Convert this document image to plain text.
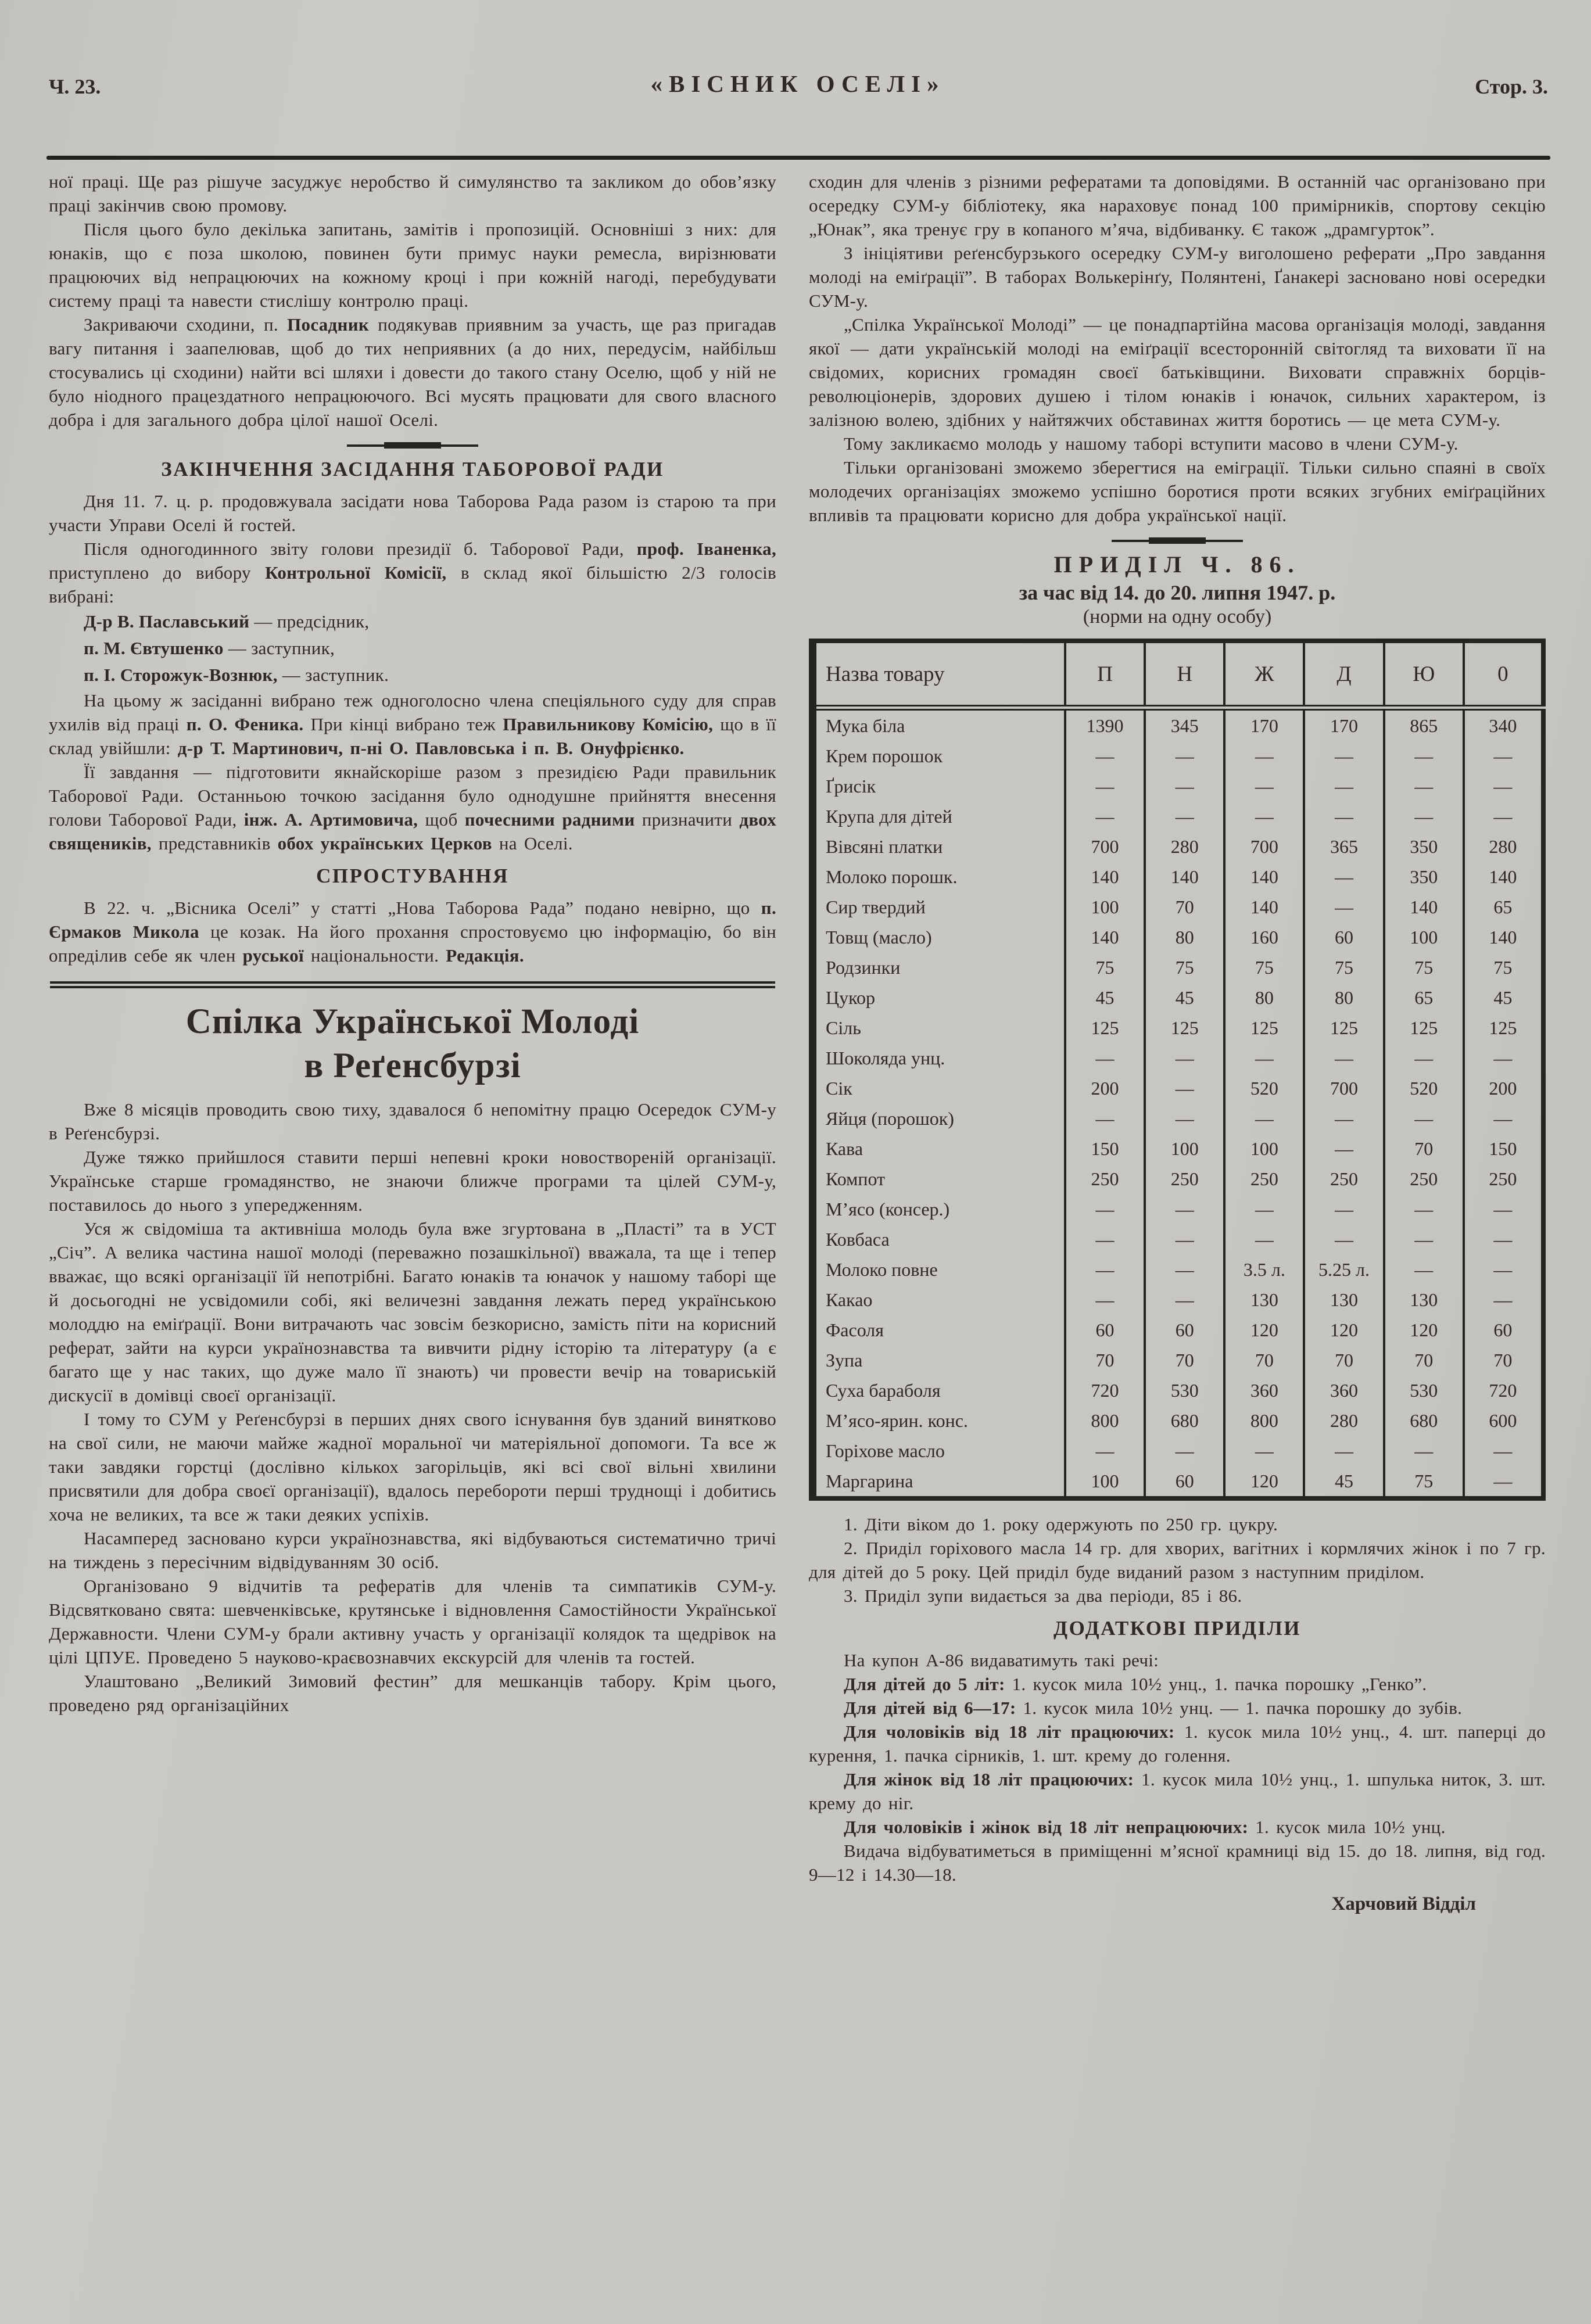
Ч. 23.	«ВІСНИК ОСЕЛІ»	Стор. 3.

ної праці. Ще раз рішуче засуджує неробство й симулянство та закликом до обов’язку праці закінчив свою промову.

Після цього було декілька запитань, замітів і пропозицій. Основніші з них: для юнаків, що є поза школою, повинен бути примус науки ремесла, вирізнювати працюючих від непрацюючих на кожному кроці і при кожній нагоді, перебудувати систему праці та навести стислішу контролю праці.

Закриваючи сходини, п. Посадник подякував приявним за участь, ще раз пригадав вагу питання і заапелював, щоб до тих неприявних (а до них, передусім, найбільш стосувались ці сходини) найти всі шляхи і довести до такого стану Оселю, щоб у ній не було ніодного працездатного непрацюючого. Всі мусять працювати для свого власного добра і для загального добра цілої нашої Оселі.

ЗАКІНЧЕННЯ ЗАСІДАННЯ ТАБОРОВОЇ РАДИ

Дня 11. 7. ц. р. продовжувала засідати нова Таборова Рада разом із старою та при участи Управи Оселі й гостей.

Після одногодинного звіту голови президії б. Таборової Ради, проф. Іваненка, приступлено до вибору Контрольної Комісії, в склад якої більшістю 2/3 голосів вибрані:

Д-р В. Паславський — предсідник,

п. М. Євтушенко — заступник,

п. І. Сторожук-Вознюк, — заступник.

На цьому ж засіданні вибрано теж одноголосно члена спеціяльного суду для справ ухилів від праці п. О. Феника. При кінці вибрано теж Правильникову Комісію, що в її склад увійшли: д-р Т. Мартинович, п-ні О. Павловська і п. В. Онуфрієнко.

Її завдання — підготовити якнайскоріше разом з президією Ради правильник Таборової Ради. Останньою точкою засідання було однодушне прийняття внесення голови Таборової Ради, інж. А. Артимовича, щоб почесними радними призначити двох священиків, представників обох українських Церков на Оселі.

СПРОСТУВАННЯ

В 22. ч. „Вісника Оселі” у статті „Нова Таборова Рада” подано невірно, що п. Єрмаков Микола це козак. На його прохання спростовуємо цю інформацію, бо він опреділив себе як член руської національности. Редакція.

Спілка Української Молоді
в Реґенсбурзі

Вже 8 місяців проводить свою тиху, здавалося б непомітну працю Осередок СУМ-у в Реґенсбурзі.

Дуже тяжко прийшлося ставити перші непевні кроки новоствореній організації. Українське старше громадянство, не знаючи ближче програми та цілей СУМ-у, поставилось до нього з упередженням.

Уся ж свідоміша та активніша молодь була вже згуртована в „Пласті” та в УСТ „Січ”. А велика частина нашої молоді (переважно позашкільної) вважала, та ще і тепер вважає, що всякі організації їй непотрібні. Багато юнаків та юначок у нашому таборі ще й досьогодні не усвідомили собі, які величезні завдання лежать перед українською молоддю на еміґрації. Вони витрачають час зовсім безкорисно, замість піти на корисний реферат, зайти на курси українознавства та вивчити рідну історію та літературу (а є багато ще у нас таких, що дуже мало її знають) чи провести вечір на товариській дискусії в домівці своєї організації.

І тому то СУМ у Реґенсбурзі в перших днях свого існування був зданий винятково на свої сили, не маючи майже жадної моральної чи матеріяльної допомоги. Та все ж таки завдяки горстці (дослівно кількох загорільців, які всі свої вільні хвилини присвятили для добра своєї організації), вдалось перебороти перші труднощі і добитись хоча не великих, та все ж таки деяких успіхів.

Насамперед засновано курси українознавства, які відбуваються систематично тричі на тиждень з пересічним відвідуванням 30 осіб.

Організовано 9 відчитів та рефератів для членів та симпатиків СУМ-у. Відсвятковано свята: шевченківське, крутянське і відновлення Самостійности Української Державности. Члени СУМ-у брали активну участь у організації колядок та щедрівок на цілі ЦПУЕ. Проведено 5 науково-краєвознавчих екскурсій для членів та гостей.

Улаштовано „Великий Зимовий фестин” для мешканців табору. Крім цього, проведено ряд організаційних

сходин для членів з різними рефератами та доповідями. В останній час організовано при осередку СУМ-у бібліотеку, яка нараховує понад 100 примірників, спортову секцію „Юнак”, яка тренує гру в копаного м’яча, відбиванку. Є також „драмгурток”.

З ініціятиви реґенсбурзького осередку СУМ-у виголошено реферати „Про завдання молоді на еміґрації”. В таборах Волькерінґу, Полянтені, Ґанакері засновано нові осередки СУМ-у.

„Спілка Української Молоді” — це понадпартійна масова організація молоді, завдання якої — дати українській молоді на еміґрації всесторонній світогляд та виховати її на свідомих, корисних громадян своєї батьківщини. Виховати справжніх борців-революціонерів, здорових душею і тілом юнаків і юначок, сильних характером, із залізною волею, здібних у найтяжчих обставинах життя боротись — це мета СУМ-у.

Тому закликаємо молодь у нашому таборі вступити масово в члени СУМ-у.

Тільки організовані зможемо зберегтися на еміграції. Тільки сильно спаяні в своїх молодечих організаціях зможемо успішно боротися проти всяких згубних еміґраційних впливів та працювати корисно для добра української нації.

ПРИДІЛ Ч. 86.
за час від 14. до 20. липня 1947. р.
(норми на одну особу)
Назва товару	П	Н	Ж	Д	Ю	0
Мука біла	1390	345	170	170	865	340
Крем порошок	—	—	—	—	—	—
Ґрисік	—	—	—	—	—	—
Крупа для дітей	—	—	—	—	—	—
Вівсяні платки	700	280	700	365	350	280
Молоко порошк.	140	140	140	—	350	140
Сир твердий	100	70	140	—	140	65
Товщ (масло)	140	80	160	60	100	140
Родзинки	75	75	75	75	75	75
Цукор	45	45	80	80	65	45
Сіль	125	125	125	125	125	125
Шоколяда унц.	—	—	—	—	—	—
Сік	200	—	520	700	520	200
Яйця (порошок)	—	—	—	—	—	—
Кава	150	100	100	—	70	150
Компот	250	250	250	250	250	250
М’ясо (консер.)	—	—	—	—	—	—
Ковбаса	—	—	—	—	—	—
Молоко повне	—	—	3.5 л.	5.25 л.	—	—
Какао	—	—	130	130	130	—
Фасоля	60	60	120	120	120	60
Зупа	70	70	70	70	70	70
Суха бараболя	720	530	360	360	530	720
М’ясо-ярин. конс.	800	680	800	280	680	600
Горіхове масло	—	—	—	—	—	—
Маргарина	100	60	120	45	75	—

1. Діти віком до 1. року одержують по 250 гр. цукру.

2. Приділ горіхового масла 14 гр. для хворих, вагітних і кормлячих жінок і по 7 гр. для дітей до 5 року. Цей приділ буде виданий разом з наступним приділом.

3. Приділ зупи видається за два періоди, 85 і 86.

ДОДАТКОВІ ПРИДІЛИ

На купон А-86 видаватимуть такі речі:

Для дітей до 5 літ: 1. кусок мила 10½ унц., 1. пачка порошку „Генко”.

Для дітей від 6—17: 1. кусок мила 10½ унц. — 1. пачка порошку до зубів.

Для чоловіків від 18 літ працюючих: 1. кусок мила 10½ унц., 4. шт. паперці до курення, 1. пачка сірників, 1. шт. крему до голення.

Для жінок від 18 літ працюючих: 1. кусок мила 10½ унц., 1. шпулька ниток, 3. шт. крему до ніг.

Для чоловіків і жінок від 18 літ непрацюючих: 1. кусок мила 10½ унц.

Видача відбуватиметься в приміщенні м’ясної крамниці від 15. до 18. липня, від год. 9—12 і 14.30—18.

Харчовий Відділ
